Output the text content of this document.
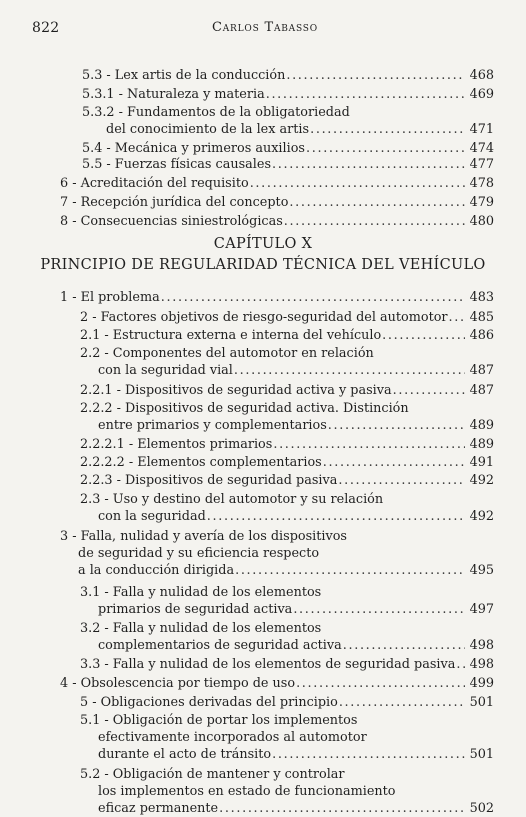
822	Carlos Tabasso
CAPÍTULO X
PRINCIPIO DE REGULARIDAD TÉCNICA DEL VEHÍCULO
5.3 - Lex artis de la conducción . . .	468
5.3.1 - Naturaleza y materia . . .	469
5.3.2 - Fundamentos de la obligatoriedad
del conocimiento de la lex artis . . .	471
5.4 - Mecánica y primeros auxilios . . .	474
5.5 - Fuerzas físicas causales . . .	477
6 - Acreditación del requisito . . .	478
7 - Recepción jurídica del concepto . . .	479
8 - Consecuencias siniestrológicas . . .	480
1 - El problema . . .	483
2 - Factores objetivos de riesgo-seguridad del automotor . . . 485
2.1 - Estructura externa e interna del vehículo . . .	486
2.2 - Componentes del automotor en relación
con la seguridad vial . . .	487
2.2.1 - Dispositivos de seguridad activa y pasiva . . .	487
2.2.2 - Dispositivos de seguridad activa. Distinción
entre primarios y complementarios . . .	489
2.2.2.1 - Elementos primarios . . .	489
2.2.2.2 - Elementos complementarios . . .	491
2.2.3 - Dispositivos de seguridad pasiva . . .	492
2.3 - Uso y destino del automotor y su relación
con la seguridad . . .	492
3 - Falla, nulidad y avería de los dispositivos
de seguridad y su eficiencia respecto
a la conducción dirigida . . .	495
3.1 - Falla y nulidad de los elementos
primarios de seguridad activa . . .	497
3.2 - Falla y nulidad de los elementos
complementarios de seguridad activa . . .	498
3.3 - Falla y nulidad de los elementos de seguridad pasiva . . . 498
4 - Obsolescencia por tiempo de uso . . .	499
5 - Obligaciones derivadas del principio . . .	501
5.1 - Obligación de portar los implementos
efectivamente incorporados al automotor
durante el acto de tránsito . . .	501
5.2 - Obligación de mantener y controlar
los implementos en estado de funcionamiento
eficaz permanente . . .	502
